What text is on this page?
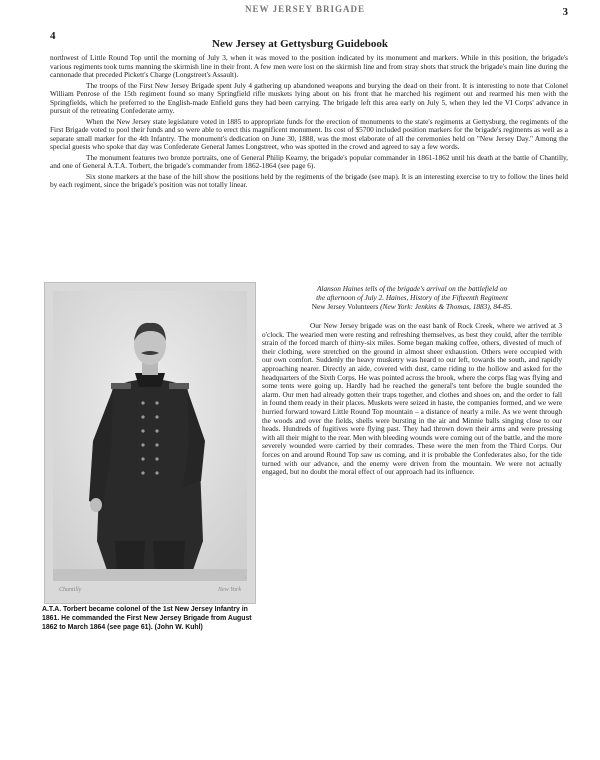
NEW JERSEY BRIGADE	3
4
New Jersey at Gettysburg Guidebook

northwest of Little Round Top until the morning of July 3, when it was moved to the position indicated by its monument and markers. While in this position, the brigade's various regiments took turns manning the skirmish line in their front. A few men were lost on the skirmish line and from stray shots that struck the brigade's main line during the cannonade that preceded Pickett's Charge (Longstreet's Assault).

The troops of the First New Jersey Brigade spent July 4 gathering up abandoned weapons and burying the dead on their front. It is interesting to note that Colonel William Penrose of the 15th regiment found so many Springfield rifle muskets lying about on his front that he marched his regiment out and rearmed his men with the Springfields, which he preferred to the English-made Enfield guns they had been carrying. The brigade left this area early on July 5, when they led the VI Corps' advance in pursuit of the retreating Confederate army.

When the New Jersey state legislature voted in 1885 to appropriate funds for the erection of monuments to the state's regiments at Gettysburg, the regiments of the First Brigade voted to pool their funds and so were able to erect this magnificent monument. Its cost of $5700 included position markers for the brigade's regiments as well as a separate small marker for the 4th Infantry. The monument's dedication on June 30, 1888, was the most elaborate of all the ceremonies held on "New Jersey Day." Among the special guests who spoke that day was Confederate General James Longstreet, who was spotted in the crowd and agreed to say a few words.

The monument features two bronze portraits, one of General Philip Kearny, the brigade's popular commander in 1861-1862 until his death at the battle of Chantilly, and one of General A.T.A. Torbert, the brigade's commander from 1862-1864 (see page 6).

Six stone markers at the base of the hill show the positions held by the regiments of the brigade (see map). It is an interesting exercise to try to follow the lines held by each regiment, since the brigade's position was not totally linear.

Chantilly	New York
A.T.A. Torbert became colonel of the 1st New Jersey Infantry in 1861. He commanded the First New Jersey Brigade from August 1862 to March 1864 (see page 61). (John W. Kuhl)
Alanson Haines tells of the brigade's arrival on the battlefield on
the afternoon of July 2. Haines, History of the Fifteenth Regiment
New Jersey Volunteers (New York: Jenkins & Thomas, 1883), 84-85.

Our New Jersey brigade was on the east bank of Rock Creek, where we arrived at 3 o'clock. The wearied men were resting and refreshing themselves, as best they could, after the terrible strain of the forced march of thirty-six miles. Some began making coffee, others, divested of much of their clothing, were stretched on the ground in almost sheer exhaustion. Others were occupied with our own comfort. Suddenly the heavy musketry was heard to our left, towards the south, and rapidly approaching nearer. Directly an aide, covered with dust, came riding to the hollow and asked for the headquarters of the Sixth Corps. He was pointed across the brook, where the corps flag was flying and some tents were going up. Hardly had he reached the general's tent before the bugle sounded the alarm. Our men had already gotten their traps together, and clothes and shoes on, and the order to fall in found them ready in their places. Muskets were seized in haste, the companies formed, and we were hurried forward toward Little Round Top mountain – a distance of nearly a mile. As we went through the woods and over the fields, shells were bursting in the air and Minnie balls singing close to our heads. Hundreds of fugitives were flying past. They had thrown down their arms and were pressing with all their might to the rear. Men with bleeding wounds were coming out of the battle, and the more severely wounded were carried by their comrades. These were the men from the Third Corps. Our forces on and around Round Top saw us coming, and it is probable the Confederates also, for the tide turned with our advance, and the enemy were driven from the mountain. We were not actually engaged, but no doubt the moral effect of our approach had its influence.
